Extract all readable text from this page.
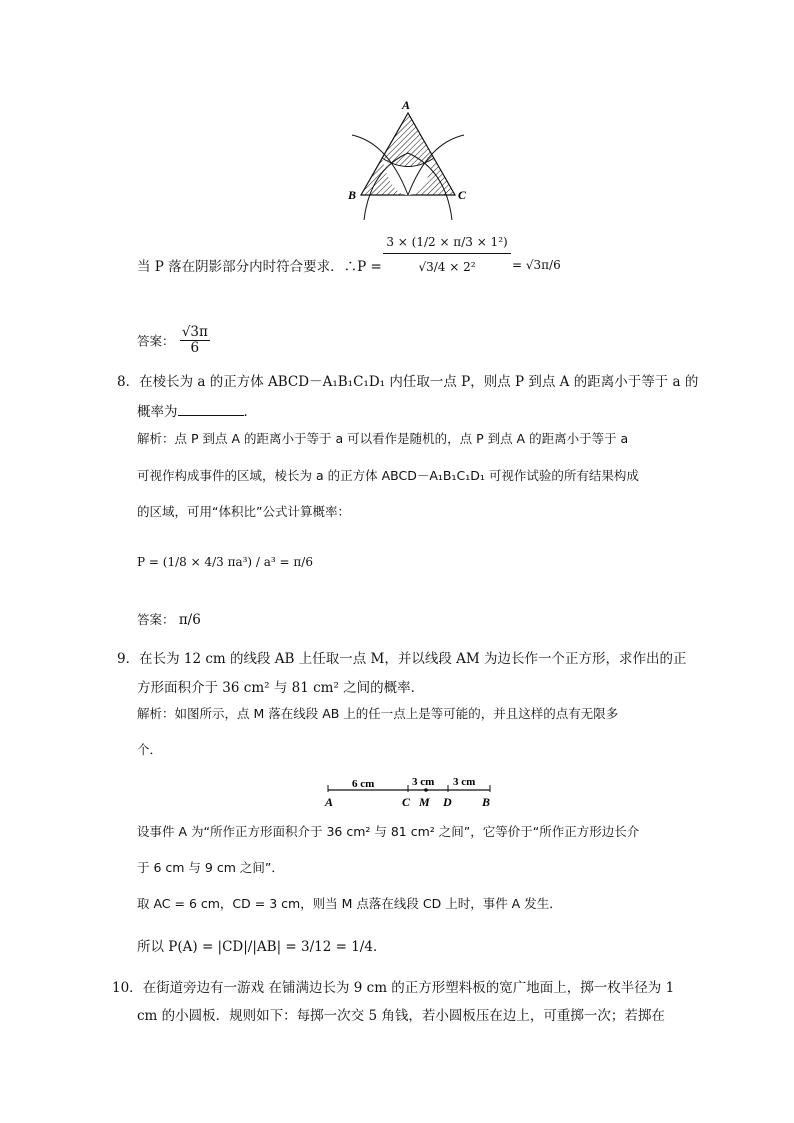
A
B	C
当 P 落在阴影部分内时符合要求．∴P = $\frac{\text{3 × (1/2 × π/3 × 1²)}}{\text{√3/4 × 2²}} = √3\pi/6$
答案： $\frac{√3\pi}{6}$
8．在棱长为 a 的正方体 ABCD－A₁B₁C₁D₁ 内任取一点 P，则点 P 到点 A 的距离小于等于 a 的
概率为	．
解析：点 P 到点 A 的距离小于等于 a 可以看作是随机的，点 P 到点 A 的距离小于等于 a
可视作构成事件的区域，棱长为 a 的正方体 ABCD－A₁B₁C₁D₁ 可视作试验的所有结果构成
的区域，可用“体积比”公式计算概率：
P = (1/8 × 4/3 πa³) / a³ = π/6
答案： π/6
9．在长为 12 cm 的线段 AB 上任取一点 M，并以线段 AM 为边长作一个正方形，求作出的正
方形面积介于 36 cm² 与 81 cm² 之间的概率．
解析：如图所示，点 M 落在线段 AB 上的任一点上是等可能的，并且这样的点有无限多
个．
6 cm	3 cm 3 cm
A	C M D	B
设事件 A 为“所作正方形面积介于 36 cm² 与 81 cm² 之间”，它等价于“所作正方形边长介
于 6 cm 与 9 cm 之间”．
取 AC = 6 cm，CD = 3 cm，则当 M 点落在线段 CD 上时，事件 A 发生．
所以 P(A) = |CD|/|AB| = 3/12 = 1/4．
10．在街道旁边有一游戏 在铺满边长为 9 cm 的正方形塑料板的宽广地面上，掷一枚半径为 1
cm 的小圆板．规则如下：每掷一次交 5 角钱，若小圆板压在边上，可重掷一次；若掷在
